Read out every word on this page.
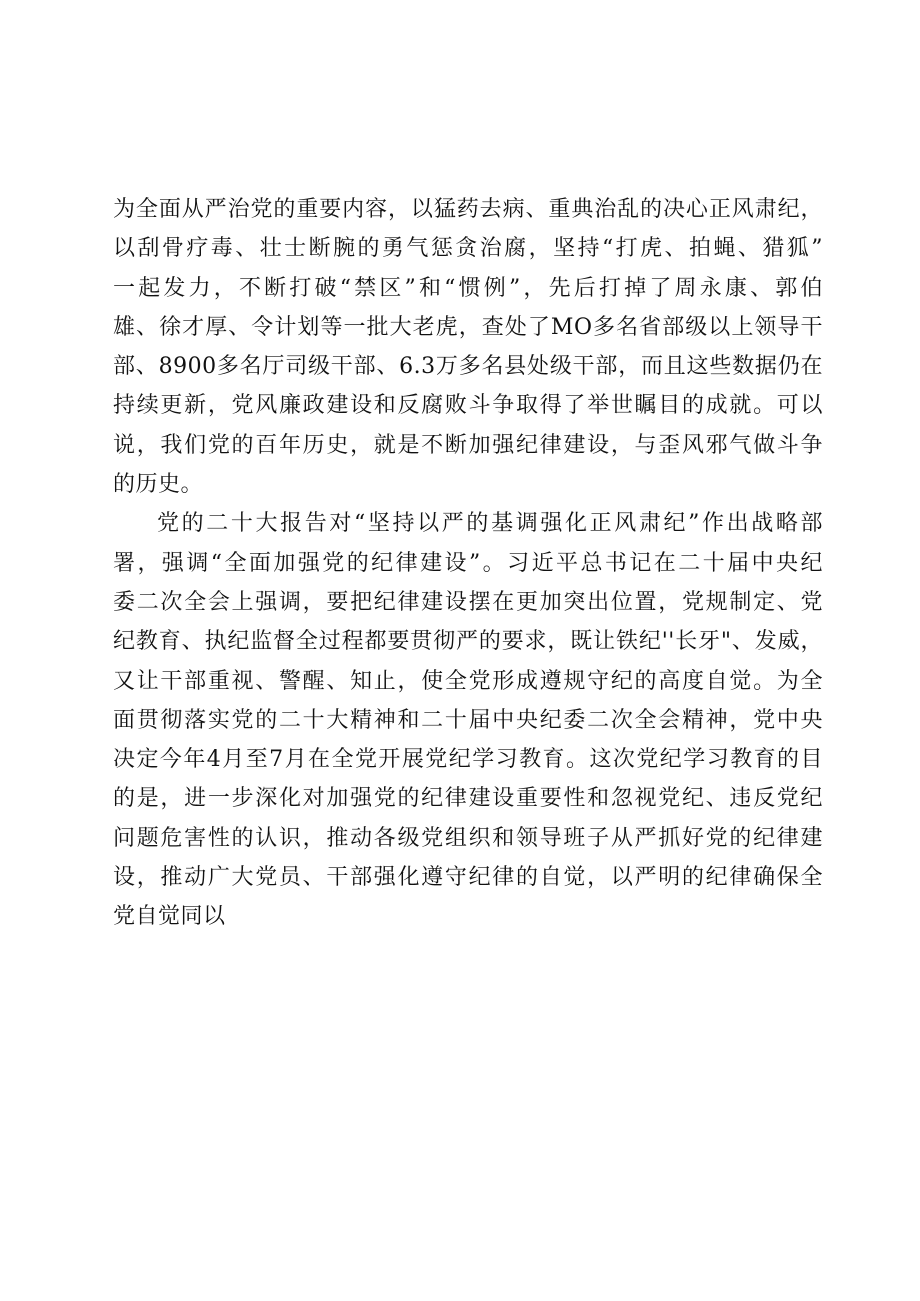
为全面从严治党的重要内容，以猛药去病、重典治乱的决心正风肃纪，
以刮骨疗毒、壮士断腕的勇气惩贪治腐，坚持“打虎、拍蝇、猎狐”
一起发力，不断打破“禁区”和“惯例”，先后打掉了周永康、郭伯
雄、徐才厚、令计划等一批大老虎，查处了MO多名省部级以上领导干
部、8900多名厅司级干部、6.3万多名县处级干部，而且这些数据仍在
持续更新，党风廉政建设和反腐败斗争取得了举世瞩目的成就。可以
说，我们党的百年历史，就是不断加强纪律建设，与歪风邪气做斗争
的历史。
党的二十大报告对“坚持以严的基调强化正风肃纪”作出战略部
署，强调“全面加强党的纪律建设”。习近平总书记在二十届中央纪
委二次全会上强调，要把纪律建设摆在更加突出位置，党规制定、党
纪教育、执纪监督全过程都要贯彻严的要求，既让铁纪''长牙"、发威，
又让干部重视、警醒、知止，使全党形成遵规守纪的高度自觉。为全
面贯彻落实党的二十大精神和二十届中央纪委二次全会精神，党中央
决定今年4月至7月在全党开展党纪学习教育。这次党纪学习教育的目
的是，进一步深化对加强党的纪律建设重要性和忽视党纪、违反党纪
问题危害性的认识，推动各级党组织和领导班子从严抓好党的纪律建
设，推动广大党员、干部强化遵守纪律的自觉，以严明的纪律确保全
党自觉同以
